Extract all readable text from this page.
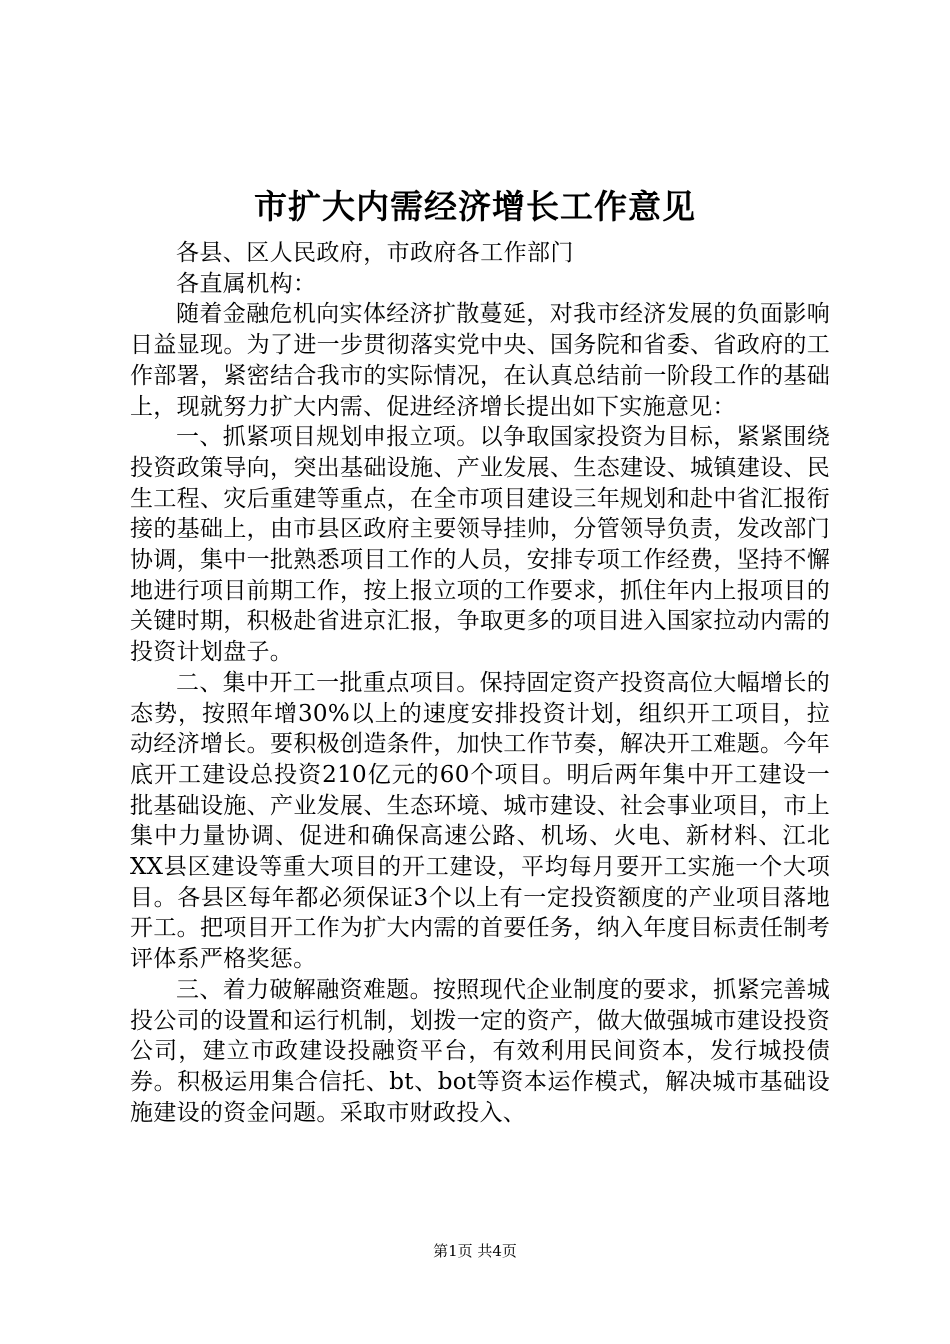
市扩大内需经济增长工作意见

各县、区人民政府，市政府各工作部门

各直属机构：

随着金融危机向实体经济扩散蔓延，对我市经济发展的负面影响日益显现。为了进一步贯彻落实党中央、国务院和省委、省政府的工作部署，紧密结合我市的实际情况，在认真总结前一阶段工作的基础上，现就努力扩大内需、促进经济增长提出如下实施意见：

一、抓紧项目规划申报立项。以争取国家投资为目标，紧紧围绕投资政策导向，突出基础设施、产业发展、生态建设、城镇建设、民生工程、灾后重建等重点，在全市项目建设三年规划和赴中省汇报衔接的基础上，由市县区政府主要领导挂帅，分管领导负责，发改部门协调，集中一批熟悉项目工作的人员，安排专项工作经费，坚持不懈地进行项目前期工作，按上报立项的工作要求，抓住年内上报项目的关键时期，积极赴省进京汇报，争取更多的项目进入国家拉动内需的投资计划盘子。

二、集中开工一批重点项目。保持固定资产投资高位大幅增长的态势，按照年增30%以上的速度安排投资计划，组织开工项目，拉动经济增长。要积极创造条件，加快工作节奏，解决开工难题。今年底开工建设总投资210亿元的60个项目。明后两年集中开工建设一批基础设施、产业发展、生态环境、城市建设、社会事业项目，市上集中力量协调、促进和确保高速公路、机场、火电、新材料、江北XX县区建设等重大项目的开工建设，平均每月要开工实施一个大项目。各县区每年都必须保证3个以上有一定投资额度的产业项目落地开工。把项目开工作为扩大内需的首要任务，纳入年度目标责任制考评体系严格奖惩。

三、着力破解融资难题。按照现代企业制度的要求，抓紧完善城投公司的设置和运行机制，划拨一定的资产，做大做强城市建设投资公司，建立市政建设投融资平台，有效利用民间资本，发行城投债券。积极运用集合信托、bt、bot等资本运作模式，解决城市基础设施建设的资金问题。采取市财政投入、

第1页 共4页
